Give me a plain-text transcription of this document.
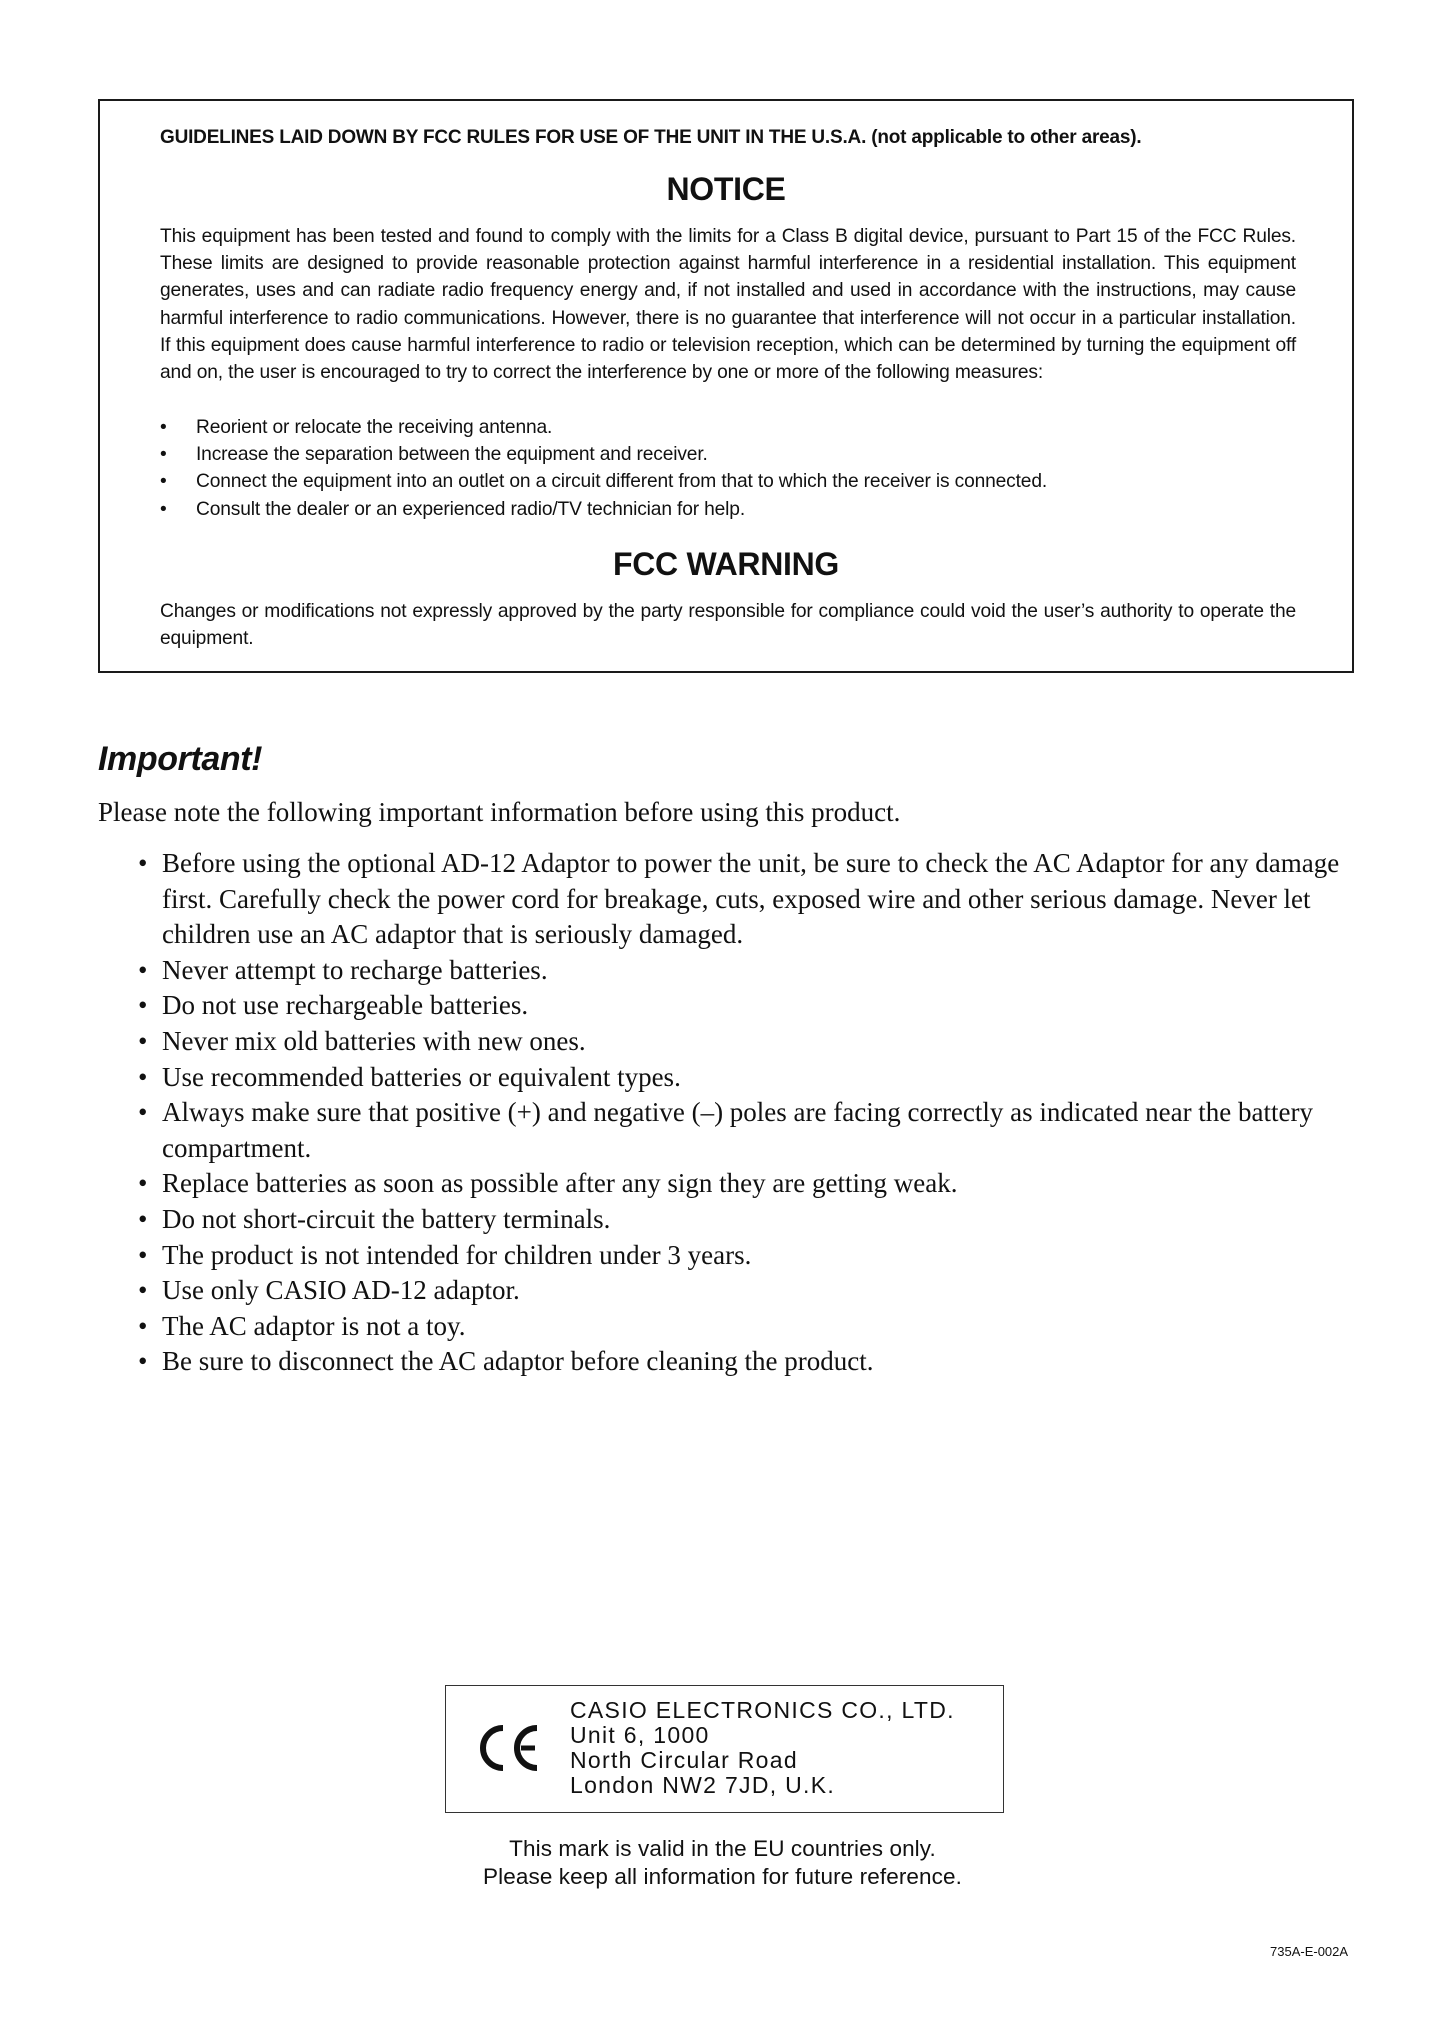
GUIDELINES LAID DOWN BY FCC RULES FOR USE OF THE UNIT IN THE U.S.A. (not applicable to other areas).
NOTICE
This equipment has been tested and found to comply with the limits for a Class B digital device, pursuant to Part 15 of the FCC Rules. These limits are designed to provide reasonable protection against harmful interference in a residential installation. This equipment generates, uses and can radiate radio frequency energy and, if not installed and used in accordance with the instructions, may cause harmful interference to radio communications. However, there is no guarantee that interference will not occur in a particular installation. If this equipment does cause harmful interference to radio or television reception, which can be determined by turning the equipment off and on, the user is encouraged to try to correct the interference by one or more of the following measures:
• Reorient or relocate the receiving antenna.
• Increase the separation between the equipment and receiver.
• Connect the equipment into an outlet on a circuit different from that to which the receiver is connected.
• Consult the dealer or an experienced radio/TV technician for help.
FCC WARNING
Changes or modifications not expressly approved by the party responsible for compliance could void the user’s authority to operate the equipment.
Important!
Please note the following important information before using this product.
• Before using the optional AD-12 Adaptor to power the unit, be sure to check the AC Adaptor for any damage first. Carefully check the power cord for breakage, cuts, exposed wire and other serious damage. Never let children use an AC adaptor that is seriously damaged.
• Never attempt to recharge batteries.
• Do not use rechargeable batteries.
• Never mix old batteries with new ones.
• Use recommended batteries or equivalent types.
• Always make sure that positive (+) and negative (–) poles are facing correctly as indicated near the battery compartment.
• Replace batteries as soon as possible after any sign they are getting weak.
• Do not short-circuit the battery terminals.
• The product is not intended for children under 3 years.
• Use only CASIO AD-12 adaptor.
• The AC adaptor is not a toy.
• Be sure to disconnect the AC adaptor before cleaning the product.
CASIO ELECTRONICS CO., LTD.
Unit 6, 1000
North Circular Road
London NW2 7JD, U.K.
This mark is valid in the EU countries only.
Please keep all information for future reference.
735A-E-002A
